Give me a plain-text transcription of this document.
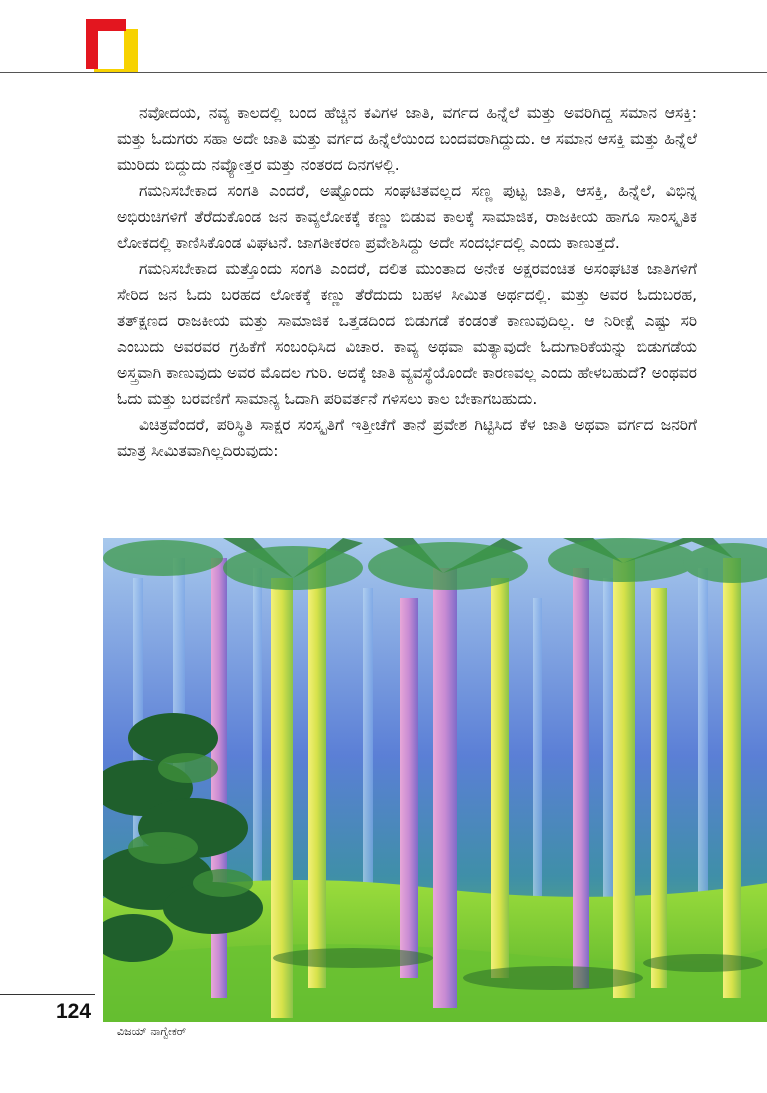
ನವೋದಯ, ನವ್ಯ ಕಾಲದಲ್ಲಿ ಬಂದ ಹೆಚ್ಚಿನ ಕವಿಗಳ ಜಾತಿ, ವರ್ಗದ ಹಿನ್ನೆಲೆ ಮತ್ತು ಅವರಿಗಿದ್ದ ಸಮಾನ ಆಸಕ್ತಿ: ಮತ್ತು ಓದುಗರು ಸಹಾ ಅದೇ ಜಾತಿ ಮತ್ತು ವರ್ಗದ ಹಿನ್ನೆಲೆಯಿಂದ ಬಂದವರಾಗಿದ್ದುದು. ಆ ಸಮಾನ ಆಸಕ್ತಿ ಮತ್ತು ಹಿನ್ನೆಲೆ ಮುರಿದು ಬಿದ್ದುದು ನವ್ಯೋತ್ತರ ಮತ್ತು ನಂತರದ ದಿನಗಳಲ್ಲಿ.

ಗಮನಿಸಬೇಕಾದ ಸಂಗತಿ ಎಂದರೆ, ಅಷ್ಟೊಂದು ಸಂಘಟಿತವಲ್ಲದ ಸಣ್ಣ ಪುಟ್ಟ ಜಾತಿ, ಆಸಕ್ತಿ, ಹಿನ್ನೆಲೆ, ವಿಭಿನ್ನ ಅಭಿರುಚಿಗಳಿಗೆ ತೆರೆದುಕೊಂಡ ಜನ ಕಾವ್ಯಲೋಕಕ್ಕೆ ಕಣ್ಣು ಬಿಡುವ ಕಾಲಕ್ಕೆ ಸಾಮಾಜಿಕ, ರಾಜಕೀಯ ಹಾಗೂ ಸಾಂಸ್ಕೃತಿಕ ಲೋಕದಲ್ಲಿ ಕಾಣಿಸಿಕೊಂಡ ವಿಘಟನೆ. ಜಾಗತೀಕರಣ ಪ್ರವೇಶಿಸಿದ್ದು ಅದೇ ಸಂದರ್ಭದಲ್ಲಿ ಎಂದು ಕಾಣುತ್ತದೆ.

ಗಮನಿಸಬೇಕಾದ ಮತ್ತೊಂದು ಸಂಗತಿ ಎಂದರೆ, ದಲಿತ ಮುಂತಾದ ಅನೇಕ ಅಕ್ಷರವಂಚಿತ ಅಸಂಘಟಿತ ಜಾತಿಗಳಿಗೆ ಸೇರಿದ ಜನ ಓದು ಬರಹದ ಲೋಕಕ್ಕೆ ಕಣ್ಣು ತೆರೆದುದು ಬಹಳ ಸೀಮಿತ ಅರ್ಥದಲ್ಲಿ. ಮತ್ತು ಅವರ ಓದುಬರಹ, ತತ್‌ಕ್ಷಣದ ರಾಜಕೀಯ ಮತ್ತು ಸಾಮಾಜಿಕ ಒತ್ತಡದಿಂದ ಬಿಡುಗಡೆ ಕಂಡಂತೆ ಕಾಣುವುದಿಲ್ಲ. ಆ ನಿರೀಕ್ಷೆ ಎಷ್ಟು ಸರಿ ಎಂಬುದು ಅವರವರ ಗ್ರಹಿಕೆಗೆ ಸಂಬಂಧಿಸಿದ ವಿಚಾರ. ಕಾವ್ಯ ಅಥವಾ ಮತ್ಯಾವುದೇ ಓದುಗಾರಿಕೆಯನ್ನು ಬಿಡುಗಡೆಯ ಅಸ್ತ್ರವಾಗಿ ಕಾಣುವುದು ಅವರ ಮೊದಲ ಗುರಿ. ಅದಕ್ಕೆ ಜಾತಿ ವ್ಯವಸ್ಥೆಯೊಂದೇ ಕಾರಣವಲ್ಲ ಎಂದು ಹೇಳಬಹುದೆ? ಅಂಥವರ ಓದು ಮತ್ತು ಬರವಣಿಗೆ ಸಾಮಾನ್ಯ ಓದಾಗಿ ಪರಿವರ್ತನೆ ಗಳಿಸಲು ಕಾಲ ಬೇಕಾಗಬಹುದು.

ವಿಚಿತ್ರವೆಂದರೆ, ಪರಿಸ್ಥಿತಿ ಸಾಕ್ಷರ ಸಂಸ್ಕೃತಿಗೆ ಇತ್ತೀಚೆಗೆ ತಾನೆ ಪ್ರವೇಶ ಗಿಟ್ಟಿಸಿದ ಕೆಳ ಜಾತಿ ಅಥವಾ ವರ್ಗದ ಜನರಿಗೆ ಮಾತ್ರ ಸೀಮಿತವಾಗಿಲ್ಲದಿರುವುದು:

124
ವಿಜಯ್ ನಾಗ್ವೇಕರ್
